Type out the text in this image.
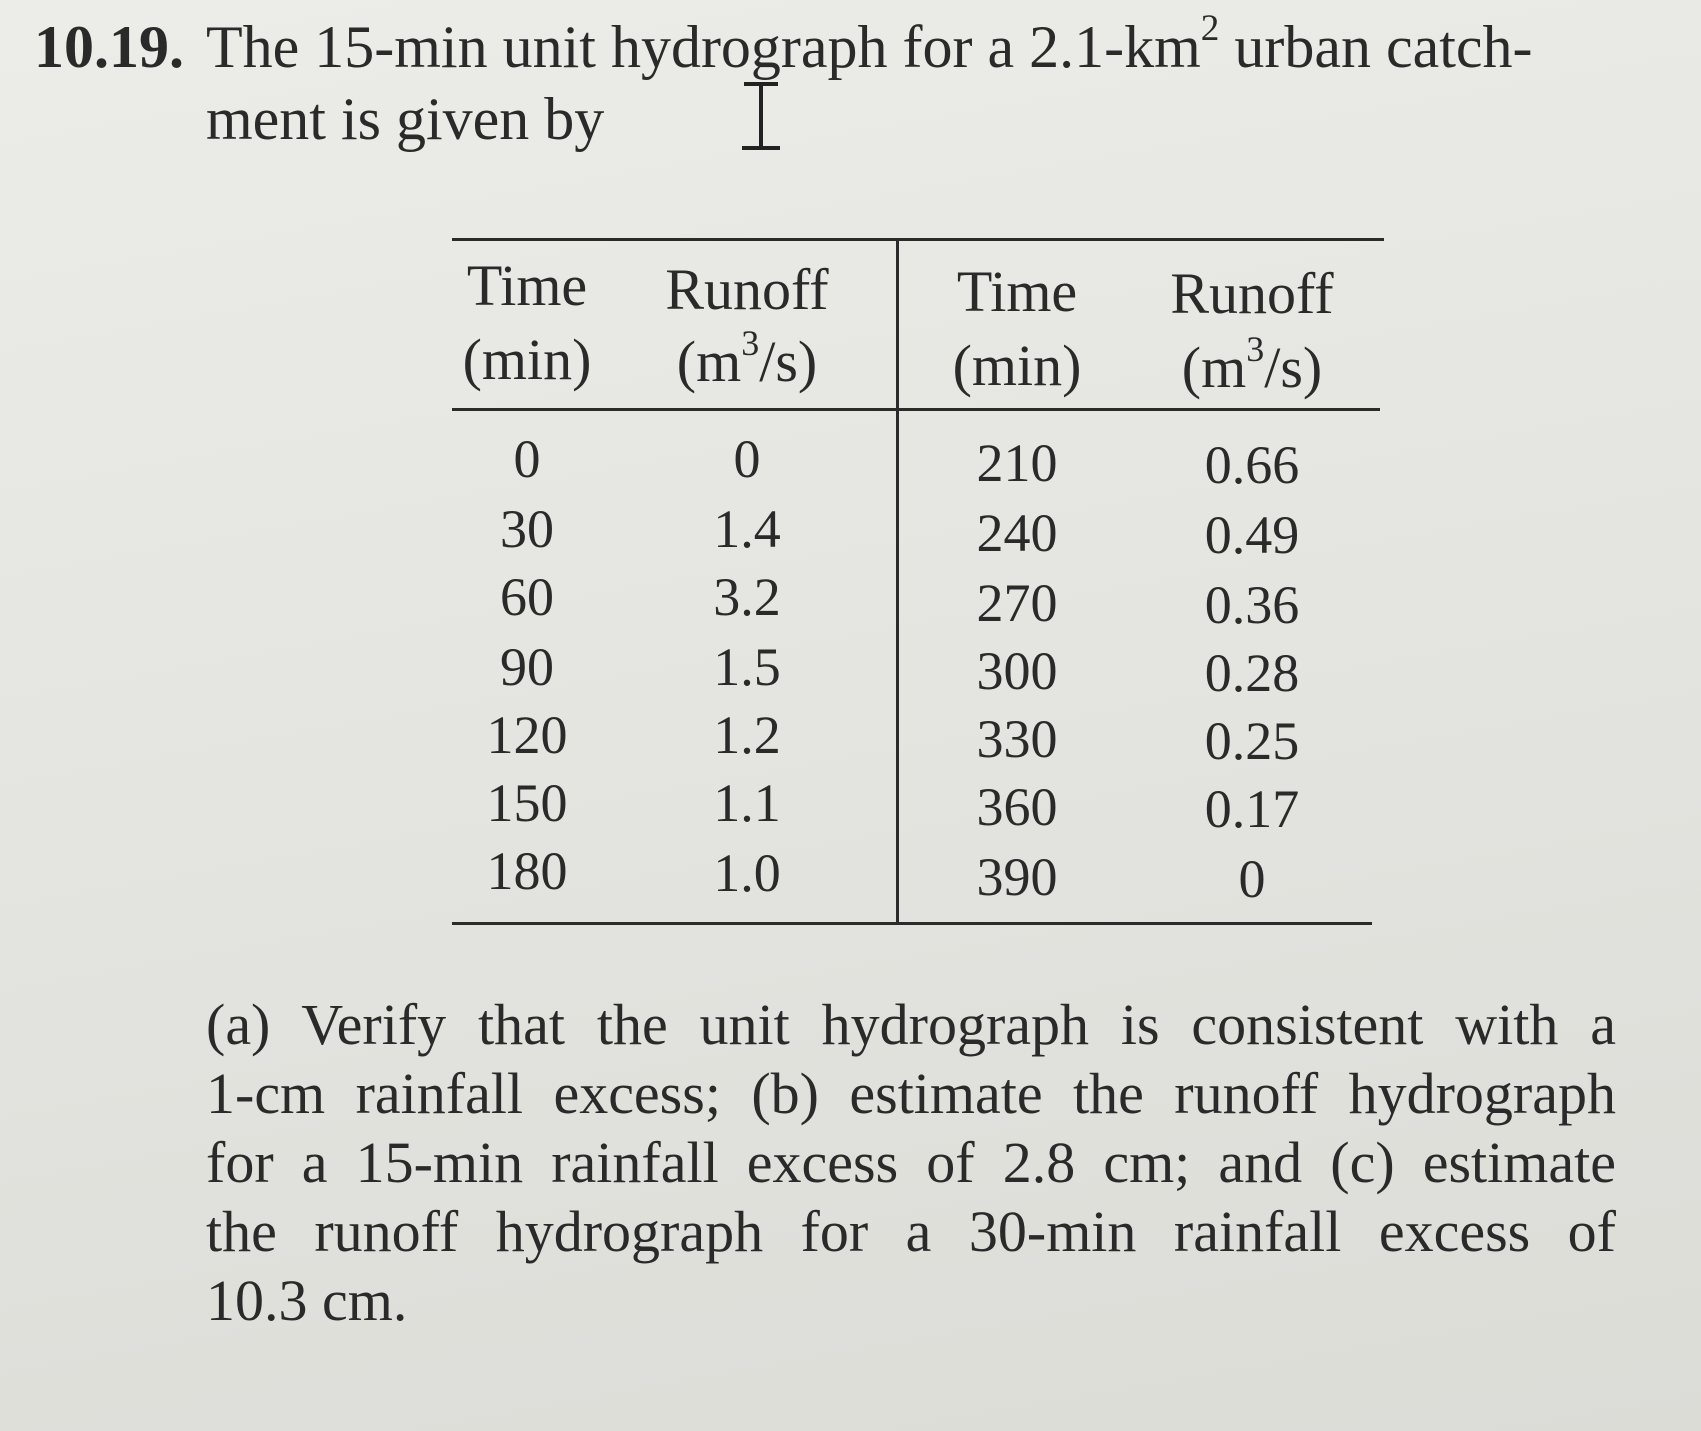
10.19. The 15-min unit hydrograph for a $2.1-km^2$ urban catch-
ment is given by
Time	Runoff	Time	Runoff
(min)	$(m^3/s)$	(min)	$(m^3/s)$
0	0	210	0.66
30	1.4	240	0.49
60	3.2	270	0.36
90	1.5	300	0.28
120	1.2	330	0.25
150	1.1	360	0.17
180	1.0	390	0
(a) Verify that the unit hydrograph is consistent with a
1-cm rainfall excess; (b) estimate the runoff hydrograph
for a 15-min rainfall excess of 2.8 cm; and (c) estimate
the runoff hydrograph for a 30-min rainfall excess of
10.3 cm.
